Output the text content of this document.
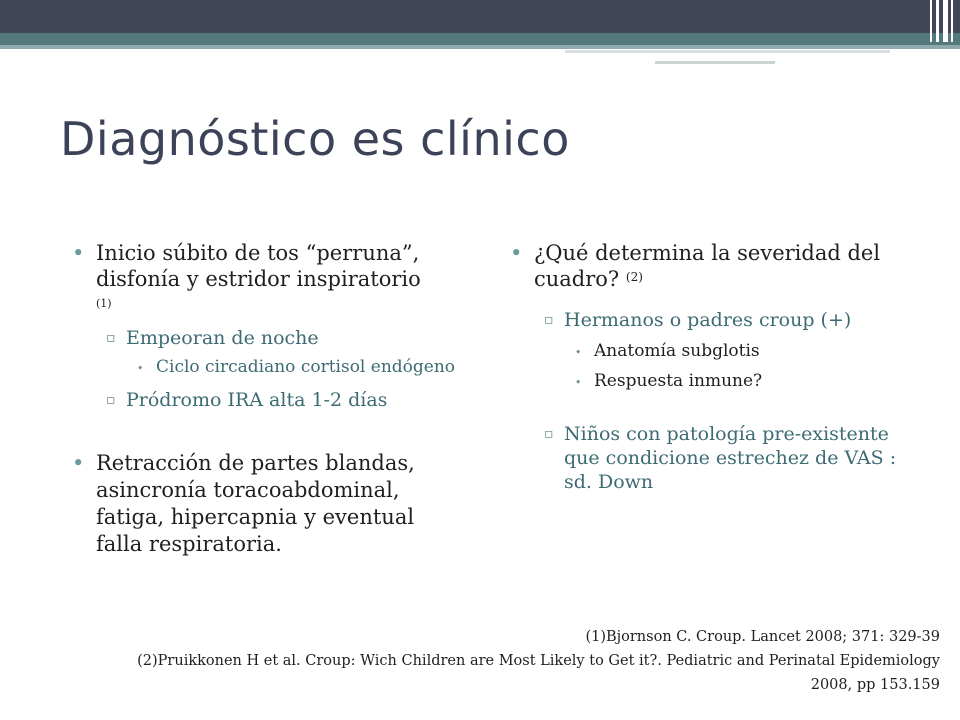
Diagnóstico es clínico
• Inicio súbito de tos “perruna”, disfonía y estridor inspiratorio
(1)
▫ Empeoran de noche
⬩ Ciclo circadiano cortisol endógeno
▫ Pródromo IRA alta 1-2 días
• Retracción de partes blandas, asincronía toracoabdominal, fatiga, hipercapnia y eventual falla respiratoria.
• ¿Qué determina la severidad del cuadro? $^{(2)}$
▫ Hermanos o padres croup (+)
⬩ Anatomía subglotis
⬩ Respuesta inmune?
▫ Niños con patología pre-existente que condicione estrechez de VAS : sd. Down
(1)Bjornson C. Croup. Lancet 2008; 371: 329-39
(2)Pruikkonen H et al. Croup: Wich Children are Most Likely to Get it?. Pediatric and Perinatal Epidemiology 2008, pp 153.159
